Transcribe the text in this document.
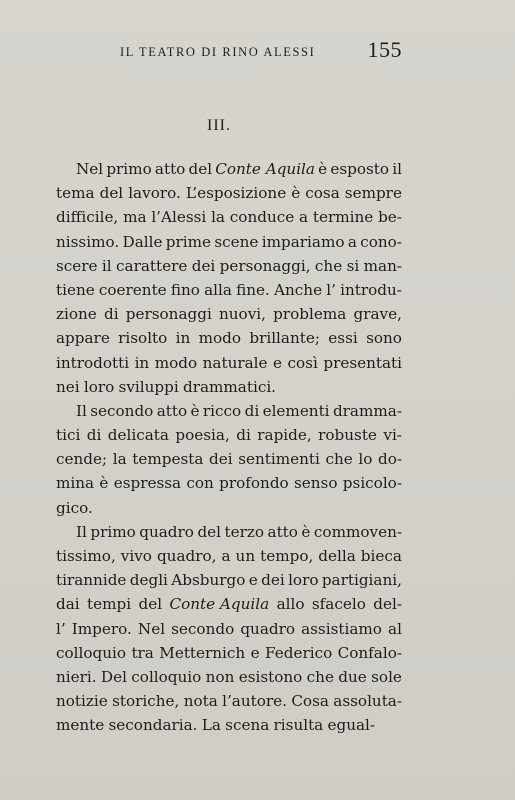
IL TEATRO DI RINO ALESSI 155
III.
Nel primo atto del Conte Aquila è esposto il
tema del lavoro. L’esposizione è cosa sempre
difficile, ma l’Alessi la conduce a termine be-
nissimo. Dalle prime scene impariamo a cono-
scere il carattere dei personaggi, che si man-
tiene coerente fino alla fine. Anche l’ introdu-
zione di personaggi nuovi, problema grave,
appare risolto in modo brillante; essi sono
introdotti in modo naturale e così presentati
nei loro sviluppi drammatici.
Il secondo atto è ricco di elementi dramma-
tici di delicata poesia, di rapide, robuste vi-
cende; la tempesta dei sentimenti che lo do-
mina è espressa con profondo senso psicolo-
gico.
Il primo quadro del terzo atto è commoven-
tissimo, vivo quadro, a un tempo, della bieca
tirannide degli Absburgo e dei loro partigiani,
dai tempi del Conte Aquila allo sfacelo del-
l’ Impero. Nel secondo quadro assistiamo al
colloquio tra Metternich e Federico Confalo-
nieri. Del colloquio non esistono che due sole
notizie storiche, nota l’autore. Cosa assoluta-
mente secondaria. La scena risulta egual-
